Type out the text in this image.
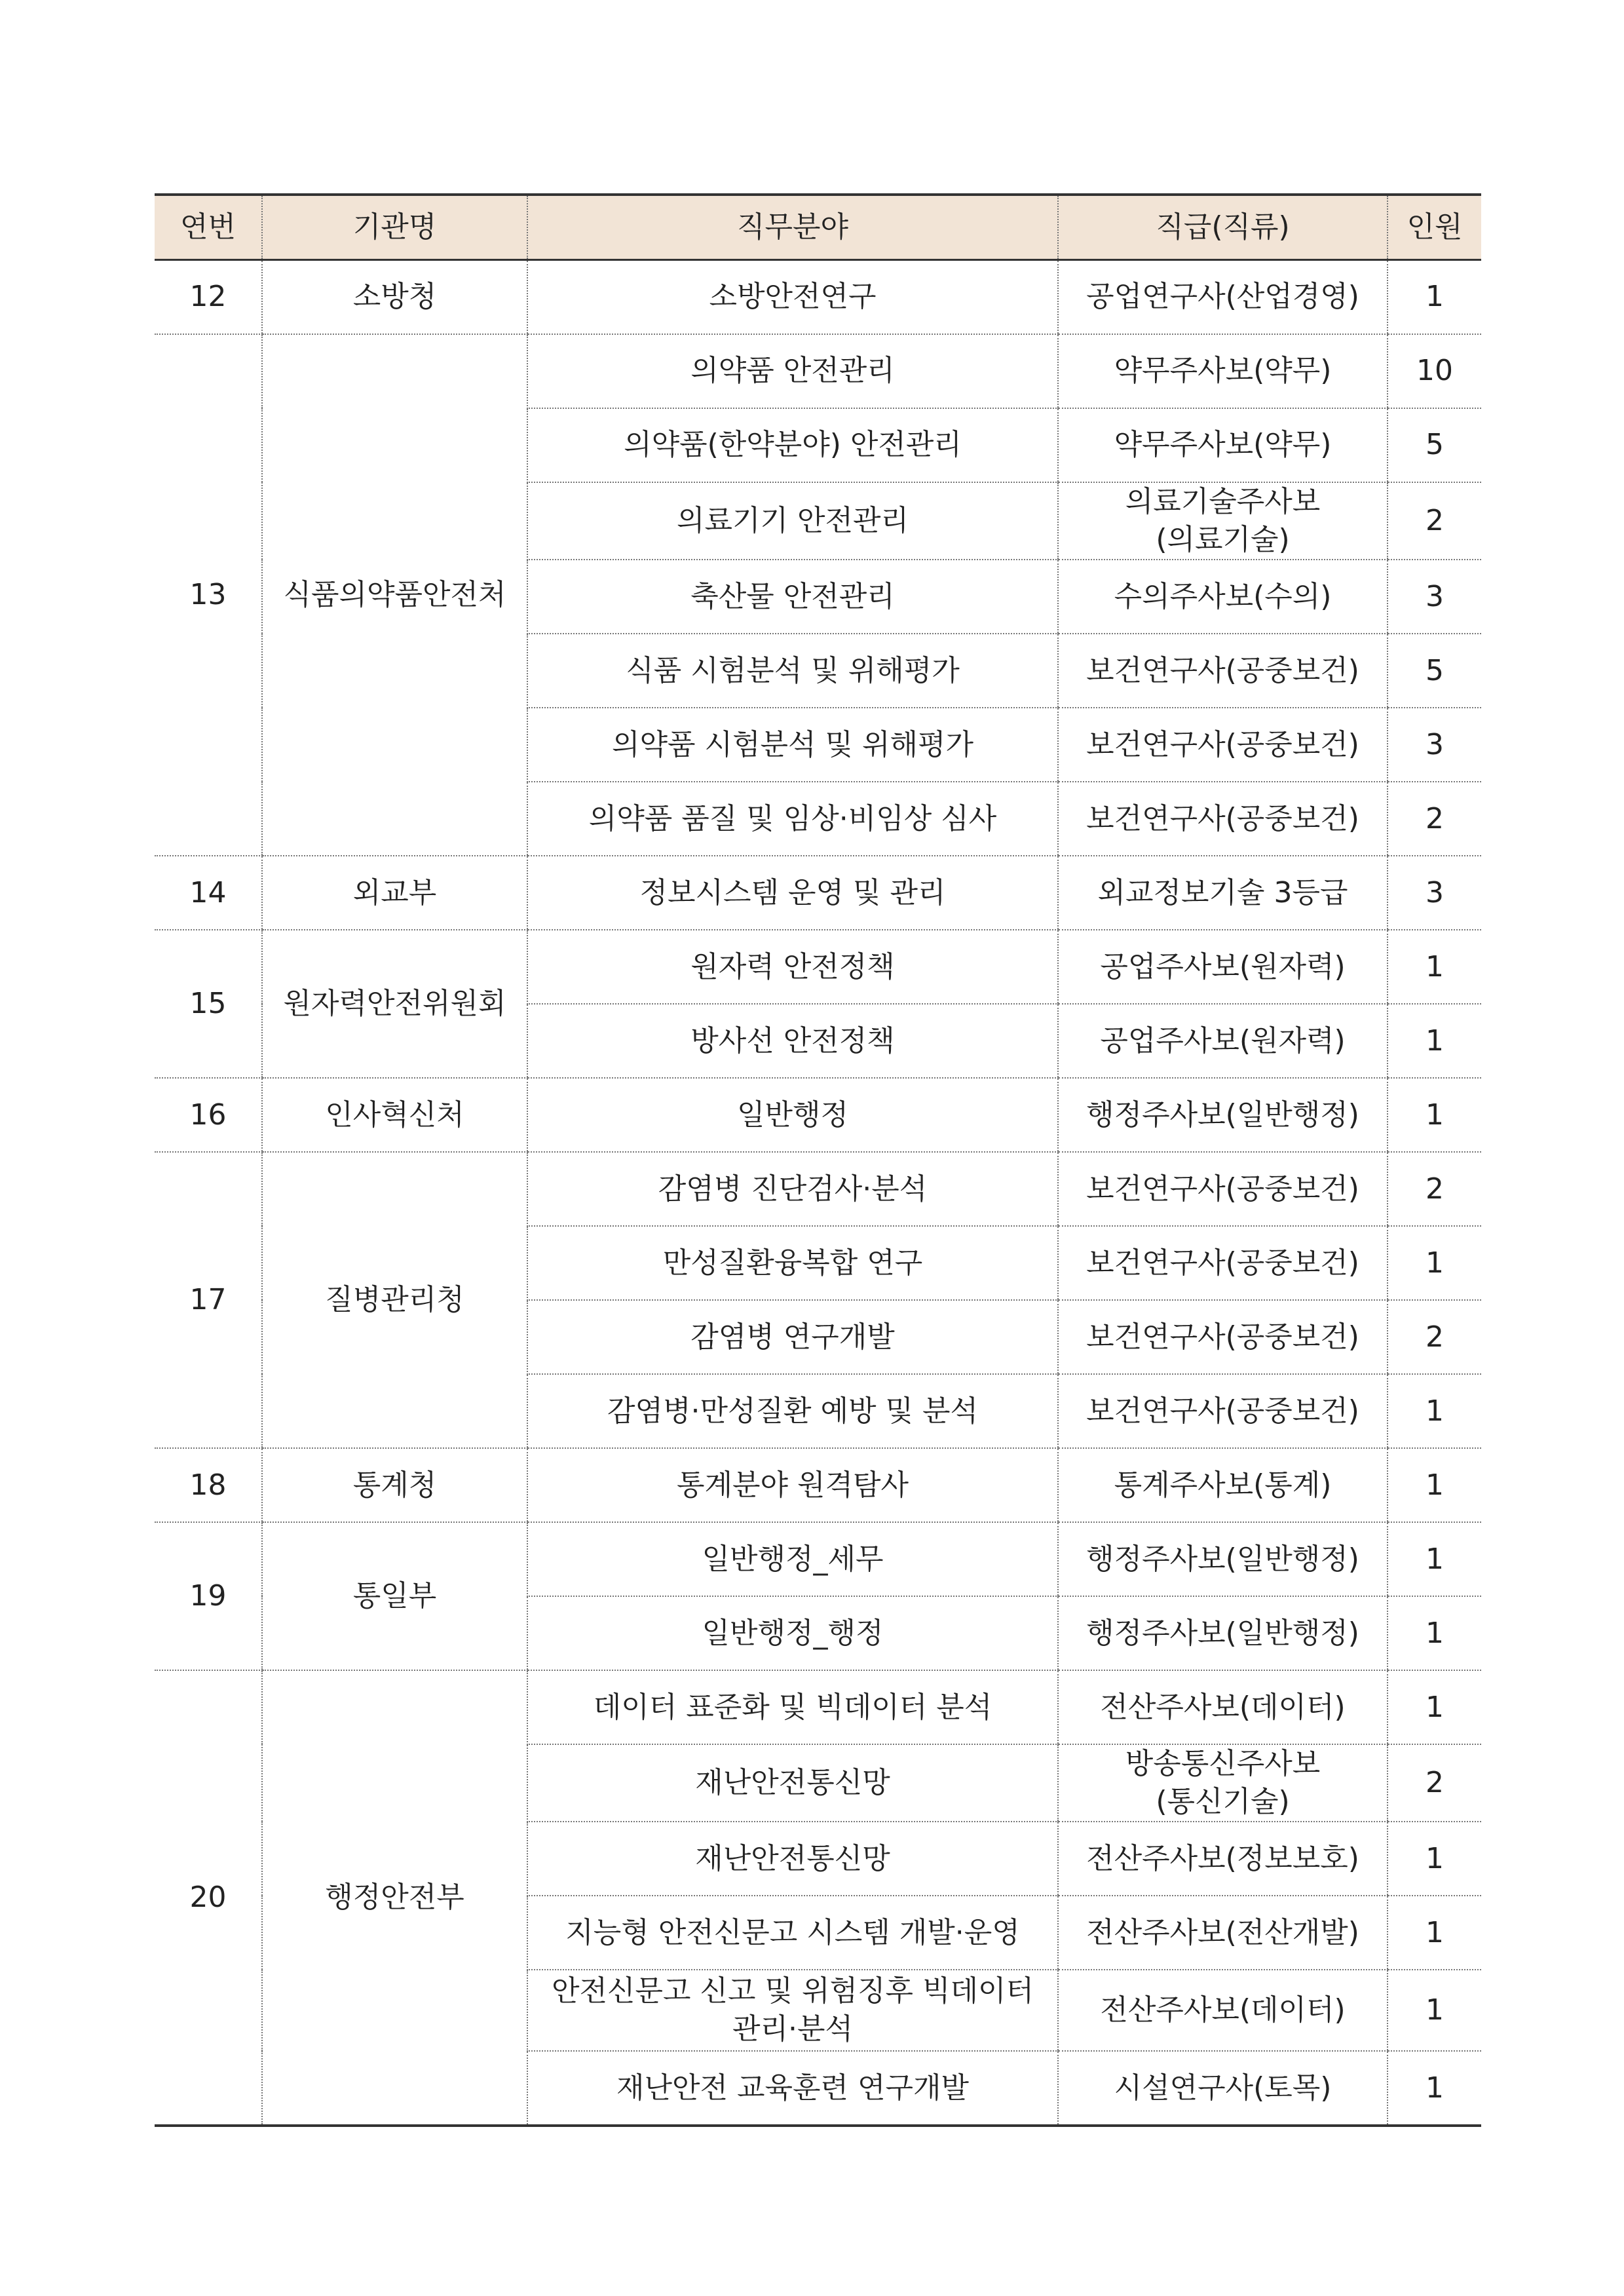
연번	기관명	직무분야	직급(직류)	인원
12	소방청	소방안전연구	공업연구사(산업경영)	1
13	식품의약품안전처	의약품 안전관리	약무주사보(약무)	10
		의약품(한약분야) 안전관리	약무주사보(약무)	5
		의료기기 안전관리	의료기술주사보(의료기술)	2
		축산물 안전관리	수의주사보(수의)	3
		식품 시험분석 및 위해평가	보건연구사(공중보건)	5
		의약품 시험분석 및 위해평가	보건연구사(공중보건)	3
		의약품 품질 및 임상·비임상 심사	보건연구사(공중보건)	2
14	외교부	정보시스템 운영 및 관리	외교정보기술 3등급	3
15	원자력안전위원회	원자력 안전정책	공업주사보(원자력)	1
		방사선 안전정책	공업주사보(원자력)	1
16	인사혁신처	일반행정	행정주사보(일반행정)	1
17	질병관리청	감염병 진단검사·분석	보건연구사(공중보건)	2
		만성질환융복합 연구	보건연구사(공중보건)	1
		감염병 연구개발	보건연구사(공중보건)	2
		감염병·만성질환 예방 및 분석	보건연구사(공중보건)	1
18	통계청	통계분야 원격탐사	통계주사보(통계)	1
19	통일부	일반행정_세무	행정주사보(일반행정)	1
		일반행정_행정	행정주사보(일반행정)	1
20	행정안전부	데이터 표준화 및 빅데이터 분석	전산주사보(데이터)	1
		재난안전통신망	방송통신주사보(통신기술)	2
		재난안전통신망	전산주사보(정보보호)	1
		지능형 안전신문고 시스템 개발·운영	전산주사보(전산개발)	1
		안전신문고 신고 및 위험징후 빅데이터 관리·분석	전산주사보(데이터)	1
		재난안전 교육훈련 연구개발	시설연구사(토목)	1
